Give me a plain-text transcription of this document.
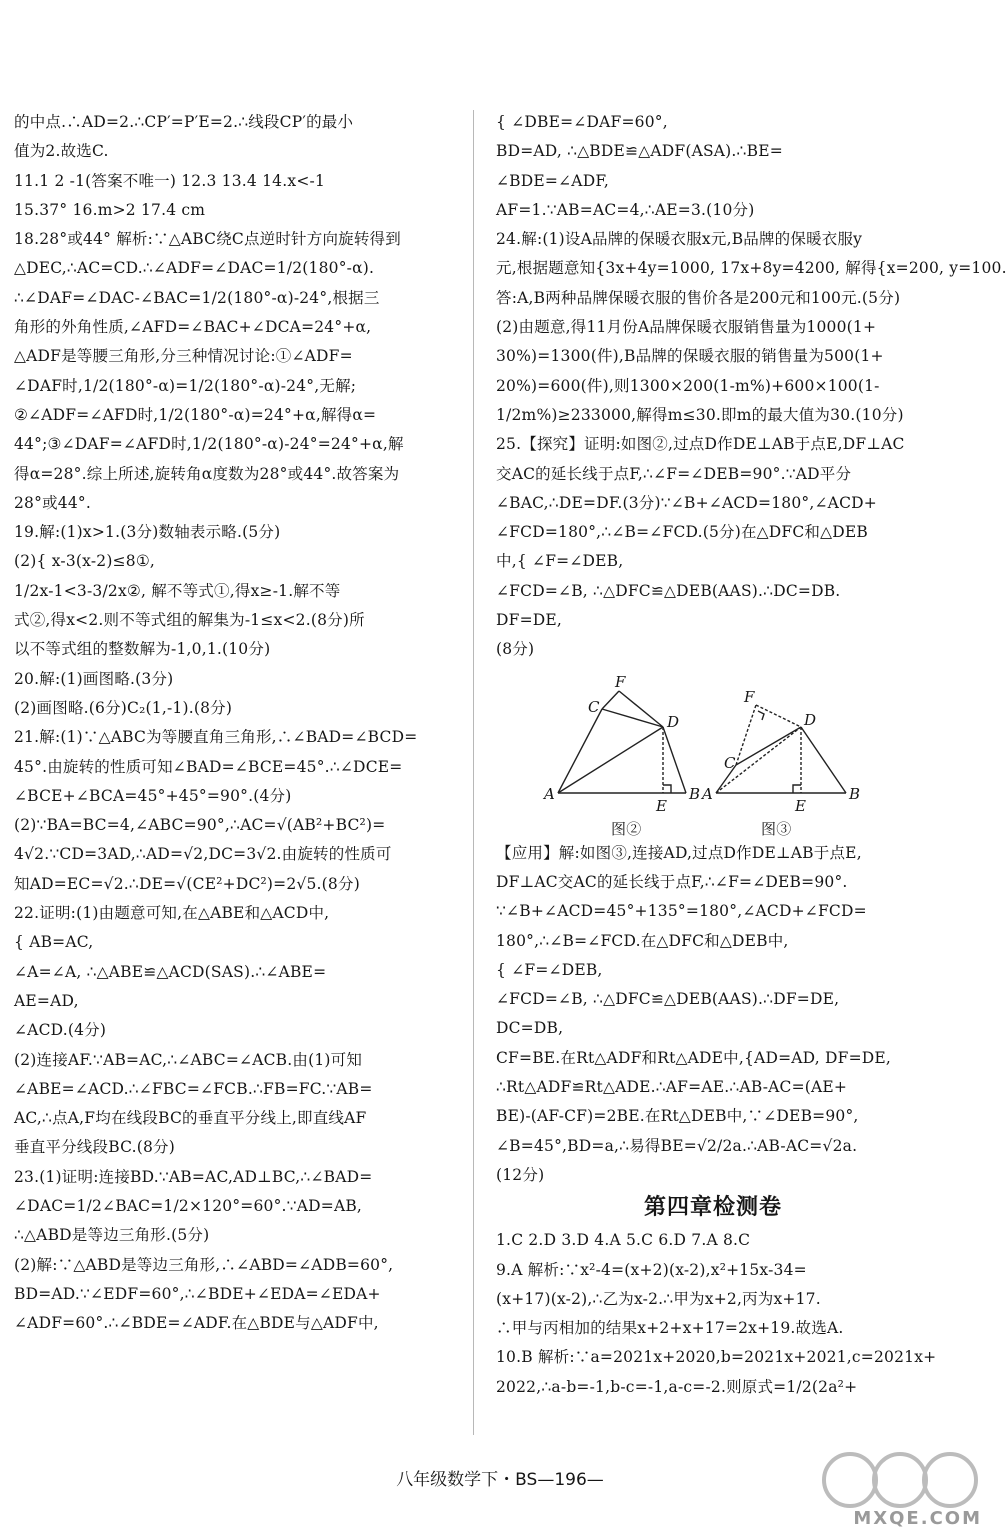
的中点.∴AD=2.∴CP′=P′E=2.∴线段CP′的最小
值为2.故选C.
11.1 2 -1(答案不唯一) 12.3 13.4 14.x<-1
15.37° 16.m>2 17.4 cm
18.28°或44° 解析:∵△ABC绕C点逆时针方向旋转得到
△DEC,∴AC=CD.∴∠ADF=∠DAC=1/2(180°-α).
∴∠DAF=∠DAC-∠BAC=1/2(180°-α)-24°,根据三
角形的外角性质,∠AFD=∠BAC+∠DCA=24°+α,
△ADF是等腰三角形,分三种情况讨论:①∠ADF=
∠DAF时,1/2(180°-α)=1/2(180°-α)-24°,无解;
②∠ADF=∠AFD时,1/2(180°-α)=24°+α,解得α=
44°;③∠DAF=∠AFD时,1/2(180°-α)-24°=24°+α,解
得α=28°.综上所述,旋转角α度数为28°或44°.故答案为
28°或44°.
19.解:(1)x>1.(3分)数轴表示略.(5分)
(2){ x-3(x-2)≤8①,
1/2x-1<3-3/2x②, 解不等式①,得x≥-1.解不等
式②,得x<2.则不等式组的解集为-1≤x<2.(8分)所
以不等式组的整数解为-1,0,1.(10分)
20.解:(1)画图略.(3分)
(2)画图略.(6分)C₂(1,-1).(8分)
21.解:(1)∵△ABC为等腰直角三角形,∴∠BAD=∠BCD=
45°.由旋转的性质可知∠BAD=∠BCE=45°.∴∠DCE=
∠BCE+∠BCA=45°+45°=90°.(4分)
(2)∵BA=BC=4,∠ABC=90°,∴AC=√(AB²+BC²)=
4√2.∵CD=3AD,∴AD=√2,DC=3√2.由旋转的性质可
知AD=EC=√2.∴DE=√(CE²+DC²)=2√5.(8分)
22.证明:(1)由题意可知,在△ABE和△ACD中,
{ AB=AC,
∠A=∠A, ∴△ABE≌△ACD(SAS).∴∠ABE=
AE=AD,
∠ACD.(4分)
(2)连接AF.∵AB=AC,∴∠ABC=∠ACB.由(1)可知
∠ABE=∠ACD.∴∠FBC=∠FCB.∴FB=FC.∵AB=
AC,∴点A,F均在线段BC的垂直平分线上,即直线AF
垂直平分线段BC.(8分)
23.(1)证明:连接BD.∵AB=AC,AD⊥BC,∴∠BAD=
∠DAC=1/2∠BAC=1/2×120°=60°.∵AD=AB,
∴△ABD是等边三角形.(5分)
(2)解:∵△ABD是等边三角形,∴∠ABD=∠ADB=60°,
BD=AD.∵∠EDF=60°,∴∠BDE+∠EDA=∠EDA+
∠ADF=60°.∴∠BDE=∠ADF.在△BDE与△ADF中,
{ ∠DBE=∠DAF=60°,
BD=AD, ∴△BDE≌△ADF(ASA).∴BE=
∠BDE=∠ADF,
AF=1.∵AB=AC=4,∴AE=3.(10分)
24.解:(1)设A品牌的保暖衣服x元,B品牌的保暖衣服y
元,根据题意知{3x+4y=1000, 17x+8y=4200, 解得{x=200, y=100.
答:A,B两种品牌保暖衣服的售价各是200元和100元.(5分)
(2)由题意,得11月份A品牌保暖衣服销售量为1000(1+
30%)=1300(件),B品牌的保暖衣服的销售量为500(1+
20%)=600(件),则1300×200(1-m%)+600×100(1-
1/2m%)≥233000,解得m≤30.即m的最大值为30.(10分)
25.【探究】证明:如图②,过点D作DE⊥AB于点E,DF⊥AC
交AC的延长线于点F,∴∠F=∠DEB=90°.∵AD平分
∠BAC,∴DE=DF.(3分)∵∠B+∠ACD=180°,∠ACD+
∠FCD=180°,∴∠B=∠FCD.(5分)在△DFC和△DEB
中,{ ∠F=∠DEB,
∠FCD=∠B, ∴△DFC≌△DEB(AAS).∴DC=DB.
DF=DE,
(8分)
F
C
D
A
E
B
F
D
C
A
E
B
图②	图③
【应用】解:如图③,连接AD,过点D作DE⊥AB于点E,
DF⊥AC交AC的延长线于点F,∴∠F=∠DEB=90°.
∵∠B+∠ACD=45°+135°=180°,∠ACD+∠FCD=
180°,∴∠B=∠FCD.在△DFC和△DEB中,
{ ∠F=∠DEB,
∠FCD=∠B, ∴△DFC≌△DEB(AAS).∴DF=DE,
DC=DB,
CF=BE.在Rt△ADF和Rt△ADE中,{AD=AD, DF=DE,
∴Rt△ADF≌Rt△ADE.∴AF=AE.∴AB-AC=(AE+
BE)-(AF-CF)=2BE.在Rt△DEB中,∵∠DEB=90°,
∠B=45°,BD=a,∴易得BE=√2/2a.∴AB-AC=√2a.
(12分)
第四章检测卷
1.C 2.D 3.D 4.A 5.C 6.D 7.A 8.C
9.A 解析:∵x²-4=(x+2)(x-2),x²+15x-34=
(x+17)(x-2),∴乙为x-2.∴甲为x+2,丙为x+17.
∴甲与丙相加的结果x+2+x+17=2x+19.故选A.
10.B 解析:∵a=2021x+2020,b=2021x+2021,c=2021x+
2022,∴a-b=-1,b-c=-1,a-c=-2.则原式=1/2(2a²+
八年级数学下・BS—196—
MXQE.COM
